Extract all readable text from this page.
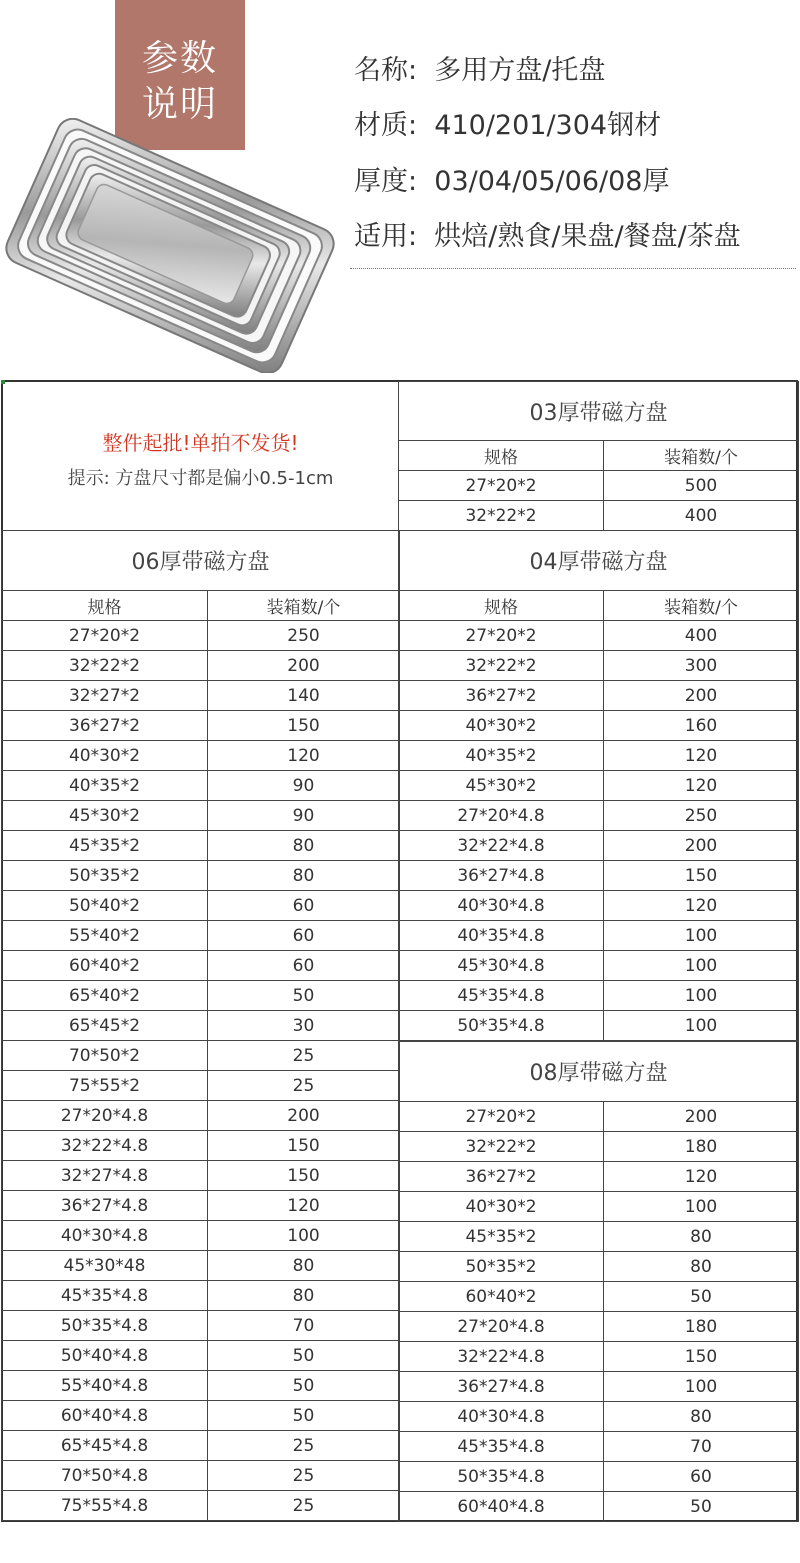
参数
说明
名称: 多用方盘/托盘
材质: 410/201/304钢材
厚度: 03/04/05/06/08厚
适用: 烘焙/熟食/果盘/餐盘/茶盘
整件起批!单拍不发货!
提示: 方盘尺寸都是偏小0.5-1cm
03厚带磁方盘	
规格	装箱数/个
27*20*2	500
32*22*2	400
06厚带磁方盘	
规格	装箱数/个
27*20*2	250
32*22*2	200
32*27*2	140
36*27*2	150
40*30*2	120
40*35*2	90
45*30*2	90
45*35*2	80
50*35*2	80
50*40*2	60
55*40*2	60
60*40*2	60
65*40*2	50
65*45*2	30
70*50*2	25
75*55*2	25
27*20*4.8	200
32*22*4.8	150
32*27*4.8	150
36*27*4.8	120
40*30*4.8	100
45*30*48	80
45*35*4.8	80
50*35*4.8	70
50*40*4.8	50
55*40*4.8	50
60*40*4.8	50
65*45*4.8	25
70*50*4.8	25
75*55*4.8	25
04厚带磁方盘	
规格	装箱数/个
27*20*2	400
32*22*2	300
36*27*2	200
40*30*2	160
40*35*2	120
45*30*2	120
27*20*4.8	250
32*22*4.8	200
36*27*4.8	150
40*30*4.8	120
40*35*4.8	100
45*30*4.8	100
45*35*4.8	100
50*35*4.8	100
08厚带磁方盘	
27*20*2	200
32*22*2	180
36*27*2	120
40*30*2	100
45*35*2	80
50*35*2	80
60*40*2	50
27*20*4.8	180
32*22*4.8	150
36*27*4.8	100
40*30*4.8	80
45*35*4.8	70
50*35*4.8	60
60*40*4.8	50
